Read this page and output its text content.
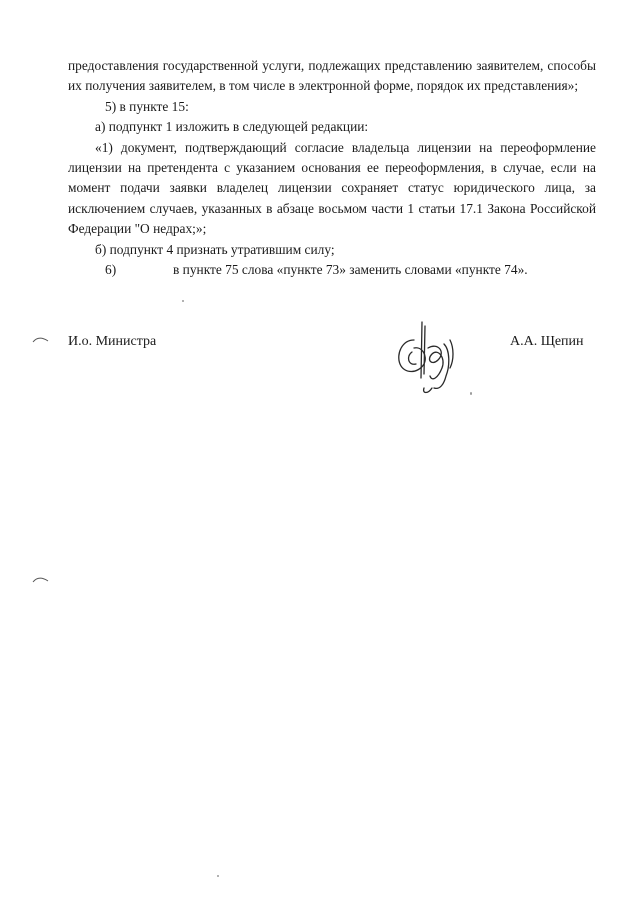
предоставления государственной услуги, подлежащих представлению заявителем, способы их получения заявителем, в том числе в электронной форме, порядок их представления»;

5) в пункте 15:

а) подпункт 1 изложить в следующей редакции:

«1) документ, подтверждающий согласие владельца лицензии на переоформление лицензии на претендента с указанием основания ее переоформления, в случае, если на момент подачи заявки владелец лицензии сохраняет статус юридического лица, за исключением случаев, указанных в абзаце восьмом части 1 статьи 17.1 Закона Российской Федерации "О недрах;»;

б) подпункт 4 признать утратившим силу;

6)	в пункте 75 слова «пункте 73» заменить словами «пункте 74».
И.о. Министра	А.А. Щепин
